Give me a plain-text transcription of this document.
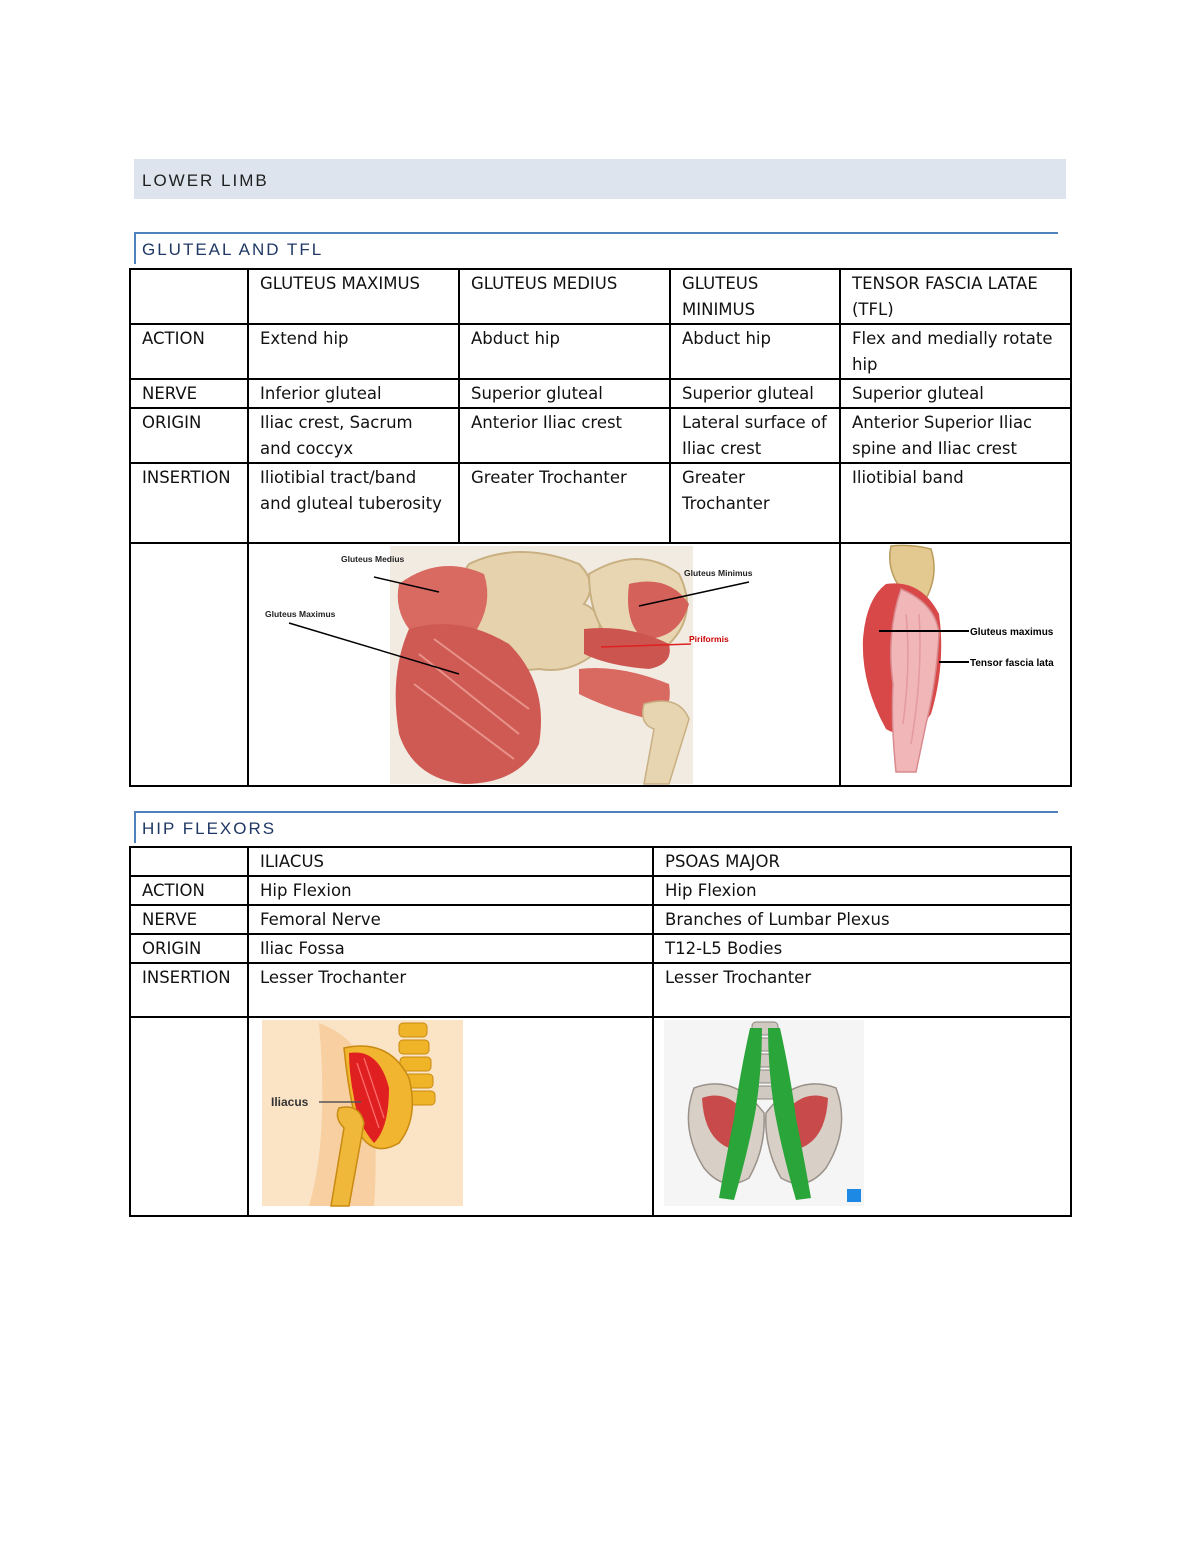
LOWER LIMB
GLUTEAL AND TFL
	GLUTEUS MAXIMUS	GLUTEUS MEDIUS	GLUTEUS MINIMUS	TENSOR FASCIA LATAE (TFL)
ACTION	Extend hip	Abduct hip	Abduct hip	Flex and medially rotate hip
NERVE	Inferior gluteal	Superior gluteal	Superior gluteal	Superior gluteal
ORIGIN	Iliac crest, Sacrum and coccyx	Anterior Iliac crest	Lateral surface of Iliac crest	Anterior Superior Iliac spine and Iliac crest
INSERTION	Iliotibial tract/band and gluteal tuberosity	Greater Trochanter	Greater Trochanter	Iliotibial band

Gluteus Medius
Gluteus Maximus
Gluteus Minimus
Piriformis			Gluteus maximus
Tensor fascia lata
HIP FLEXORS
	ILIACUS	PSOAS MAJOR
ACTION	Hip Flexion	Hip Flexion
NERVE	Femoral Nerve	Branches of Lumbar Plexus
ORIGIN	Iliac Fossa	T12-L5 Bodies
INSERTION	Lesser Trochanter	Lesser Trochanter

Iliacus
